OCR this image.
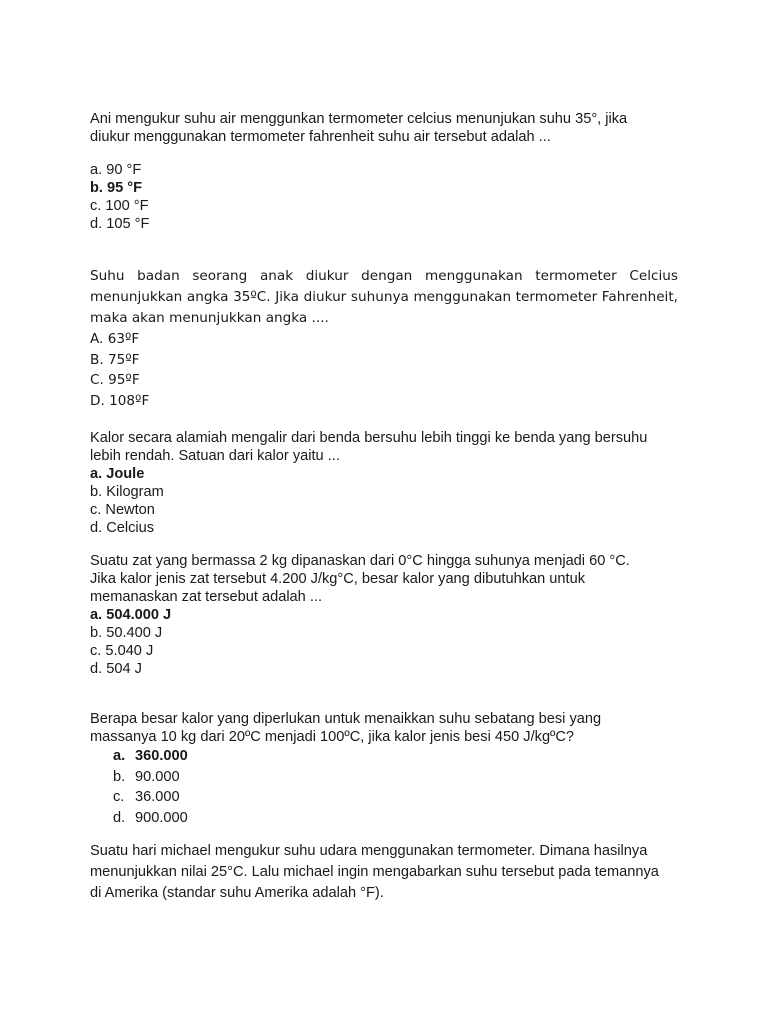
Ani mengukur suhu air menggunkan termometer celcius menunjukan suhu 35°, jika
diukur menggunakan termometer fahrenheit suhu air tersebut adalah ...
a. 90 °F
b. 95 °F
c. 100 °F
d. 105 °F
Suhu badan seorang anak diukur dengan menggunakan termometer Celcius menunjukkan angka 35ºC. Jika diukur suhunya menggunakan termometer Fahrenheit, maka akan menunjukkan angka ....
A. 63ºF
B. 75ºF
C. 95ºF
D. 108ºF
Kalor secara alamiah mengalir dari benda bersuhu lebih tinggi ke benda yang bersuhu
lebih rendah. Satuan dari kalor yaitu ...
a. Joule
b. Kilogram
c. Newton
d. Celcius
Suatu zat yang bermassa 2 kg dipanaskan dari 0°C hingga suhunya menjadi 60 °C.
Jika kalor jenis zat tersebut 4.200 J/kg°C, besar kalor yang dibutuhkan untuk
memanaskan zat tersebut adalah ...
a. 504.000 J
b. 50.400 J
c. 5.040 J
d. 504 J
Berapa besar kalor yang diperlukan untuk menaikkan suhu sebatang besi yang
massanya 10 kg dari 20ºC menjadi 100ºC, jika kalor jenis besi 450 J/kgºC?
a. 360.000
b. 90.000
c. 36.000
d. 900.000
Suatu hari michael mengukur suhu udara menggunakan termometer. Dimana hasilnya
menunjukkan nilai 25°C. Lalu michael ingin mengabarkan suhu tersebut pada temannya
di Amerika (standar suhu Amerika adalah °F).
